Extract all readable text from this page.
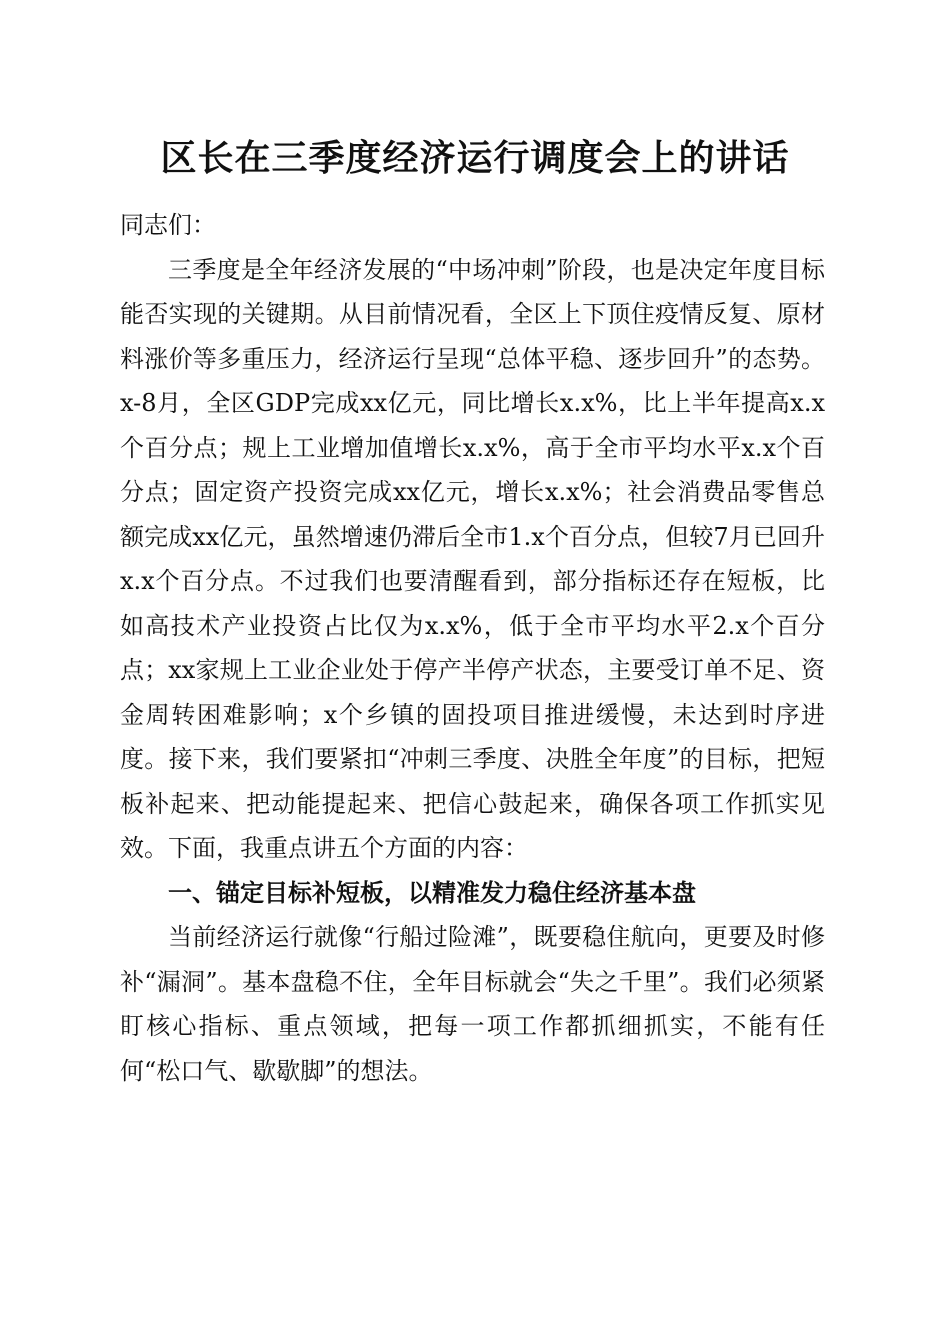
区长在三季度经济运行调度会上的讲话

同志们：

三季度是全年经济发展的“中场冲刺”阶段，也是决定年度目标能否实现的关键期。从目前情况看，全区上下顶住疫情反复、原材料涨价等多重压力，经济运行呈现“总体平稳、逐步回升”的态势。x-8月，全区GDP完成xx亿元，同比增长x.x%，比上半年提高x.x个百分点；规上工业增加值增长x.x%，高于全市平均水平x.x个百分点；固定资产投资完成xx亿元，增长x.x%；社会消费品零售总额完成xx亿元，虽然增速仍滞后全市1.x个百分点，但较7月已回升x.x个百分点。不过我们也要清醒看到，部分指标还存在短板，比如高技术产业投资占比仅为x.x%，低于全市平均水平2.x个百分点；xx家规上工业企业处于停产半停产状态，主要受订单不足、资金周转困难影响；x个乡镇的固投项目推进缓慢，未达到时序进度。接下来，我们要紧扣“冲刺三季度、决胜全年度”的目标，把短板补起来、把动能提起来、把信心鼓起来，确保各项工作抓实见效。下面，我重点讲五个方面的内容：

一、锚定目标补短板，以精准发力稳住经济基本盘

当前经济运行就像“行船过险滩”，既要稳住航向，更要及时修补“漏洞”。基本盘稳不住，全年目标就会“失之千里”。我们必须紧盯核心指标、重点领域，把每一项工作都抓细抓实，不能有任何“松口气、歇歇脚”的想法。
